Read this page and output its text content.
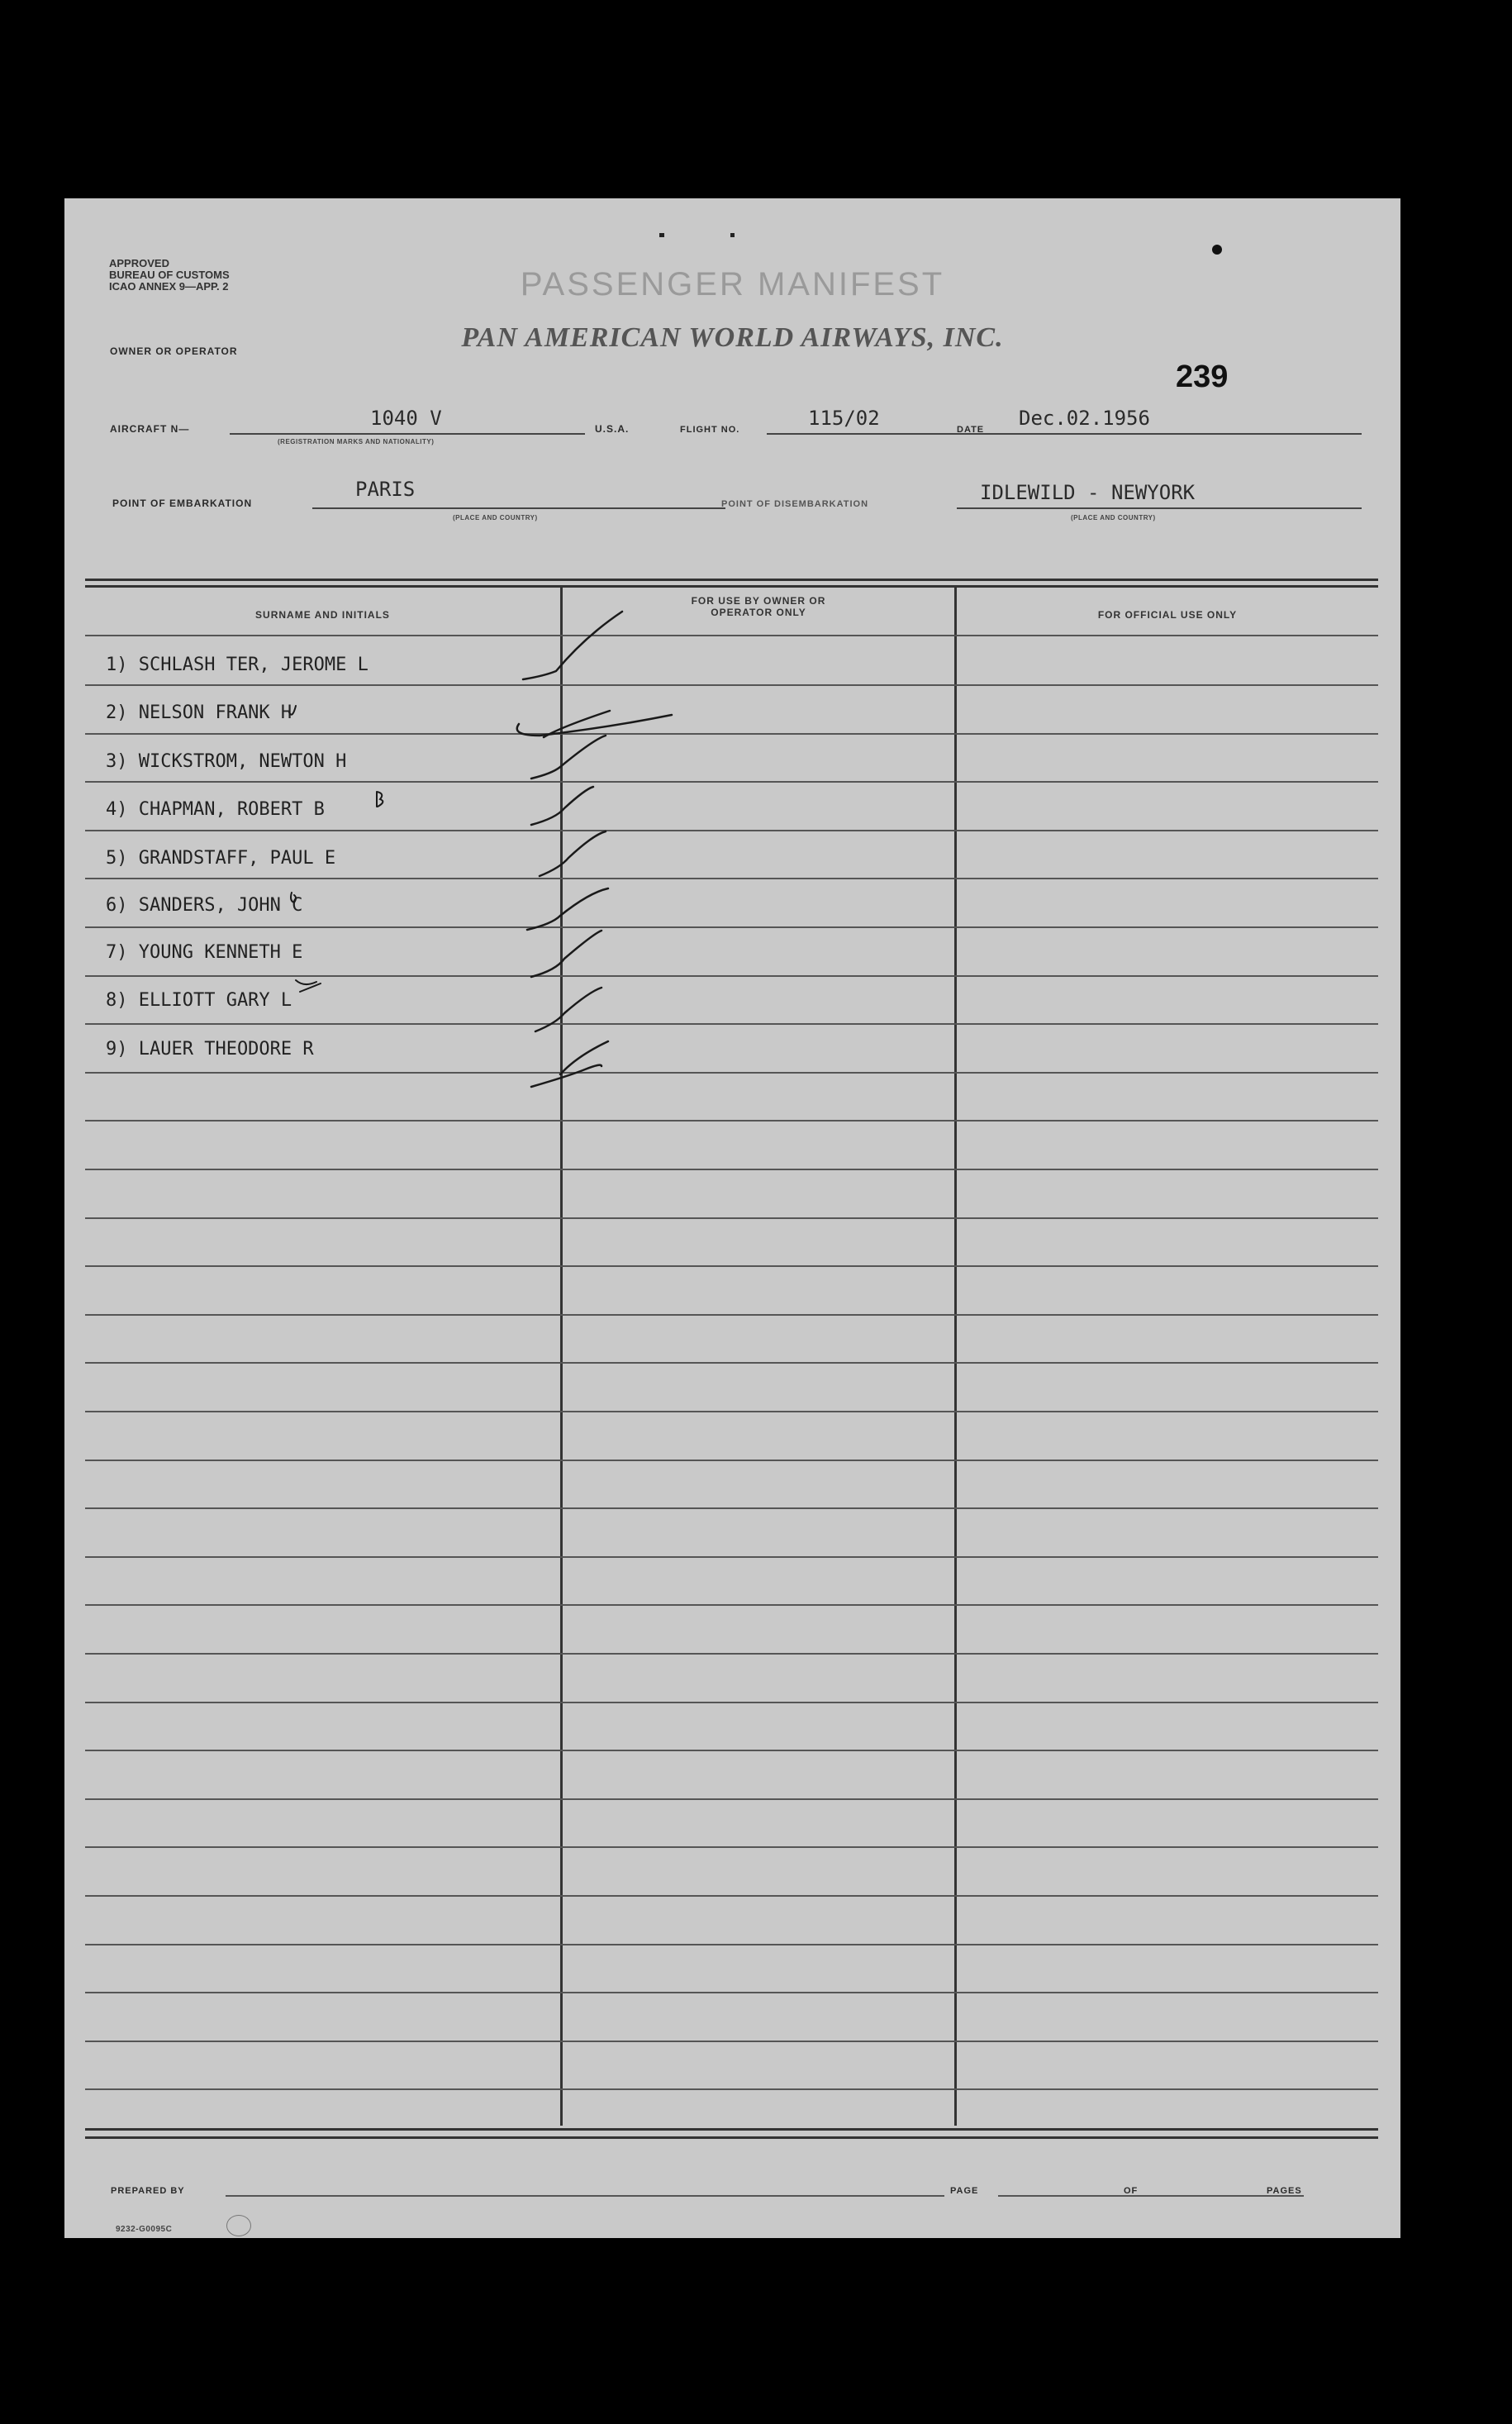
APPROVED
BUREAU OF CUSTOMS
ICAO ANNEX 9—APP. 2	PASSENGER MANIFEST
PAN AMERICAN WORLD AIRWAYS, INC.
OWNER OR OPERATOR
239
AIRCRAFT N—	1040 V
(REGISTRATION MARKS AND NATIONALITY)
U.S.A.	FLIGHT NO.	115/02	DATE Dec.02.1956
POINT OF EMBARKATION
PARIS
(PLACE AND COUNTRY)
POINT OF DISEMBARKATION	IDLEWILD - NEWYORK
(PLACE AND COUNTRY)
SURNAME AND INITIALS
FOR USE BY OWNER OR OPERATOR ONLY	FOR OFFICIAL USE ONLY
1) SCHLASH TER, JEROME L
2) NELSON FRANK H
3) WICKSTROM, NEWTON H
4) CHAPMAN, ROBERT B
5) GRANDSTAFF, PAUL E
6) SANDERS, JOHN C
7) YOUNG KENNETH E
8) ELLIOTT GARY L
9) LAUER THEODORE R
PREPARED BY	PAGE	OF	PAGES
9232-G0095C
